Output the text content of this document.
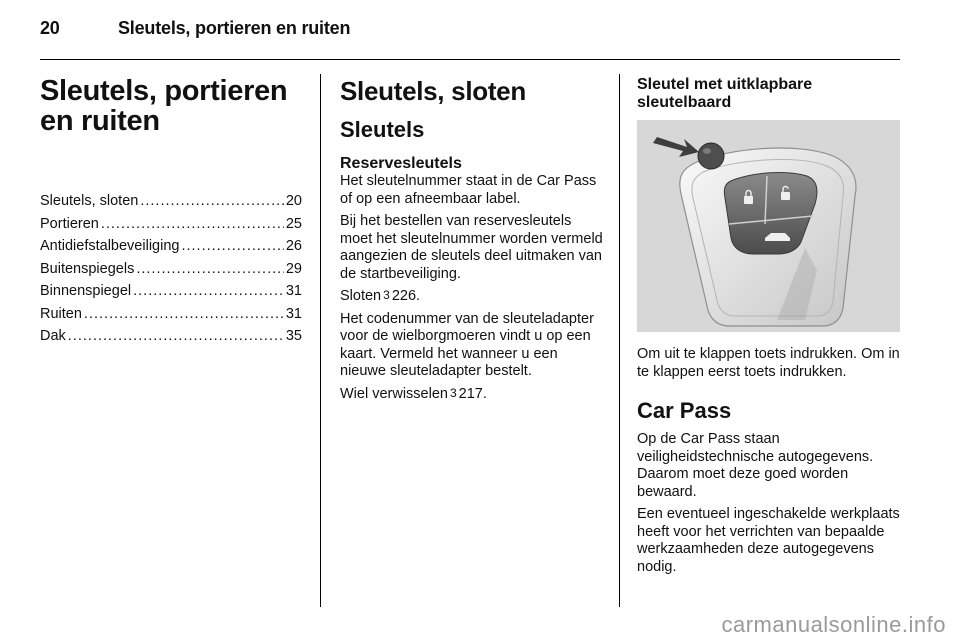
20	Sleutels, portieren en ruiten
Sleutels, portieren en ruiten
Sleutels, sloten .....	20
Portieren .....	25
Antidiefstalbeveiliging .....	26
Buitenspiegels .....	29
Binnenspiegel .....	31
Ruiten .....	31
Dak .....	35
Sleutels, sloten
Sleutels
Reservesleutels

Het sleutelnummer staat in de Car Pass of op een afneembaar label.

Bij het bestellen van reservesleutels moet het sleutelnummer worden vermeld aangezien de sleutels deel uitmaken van de startbeveiliging.

Sloten 3 226.

Het codenummer van de sleuteladapter voor de wielborgmoeren vindt u op een kaart. Vermeld het wanneer u een nieuwe sleuteladapter bestelt.

Wiel verwisselen 3 217.

Sleutel met uitklapbare sleutelbaard

Om uit te klappen toets indrukken. Om in te klappen eerst toets indrukken.

Car Pass

Op de Car Pass staan veiligheidstechnische autogegevens. Daarom moet deze goed worden bewaard.

Een eventueel ingeschakelde werkplaats heeft voor het verrichten van bepaalde werkzaamheden deze autogegevens nodig.

carmanualsonline.info
